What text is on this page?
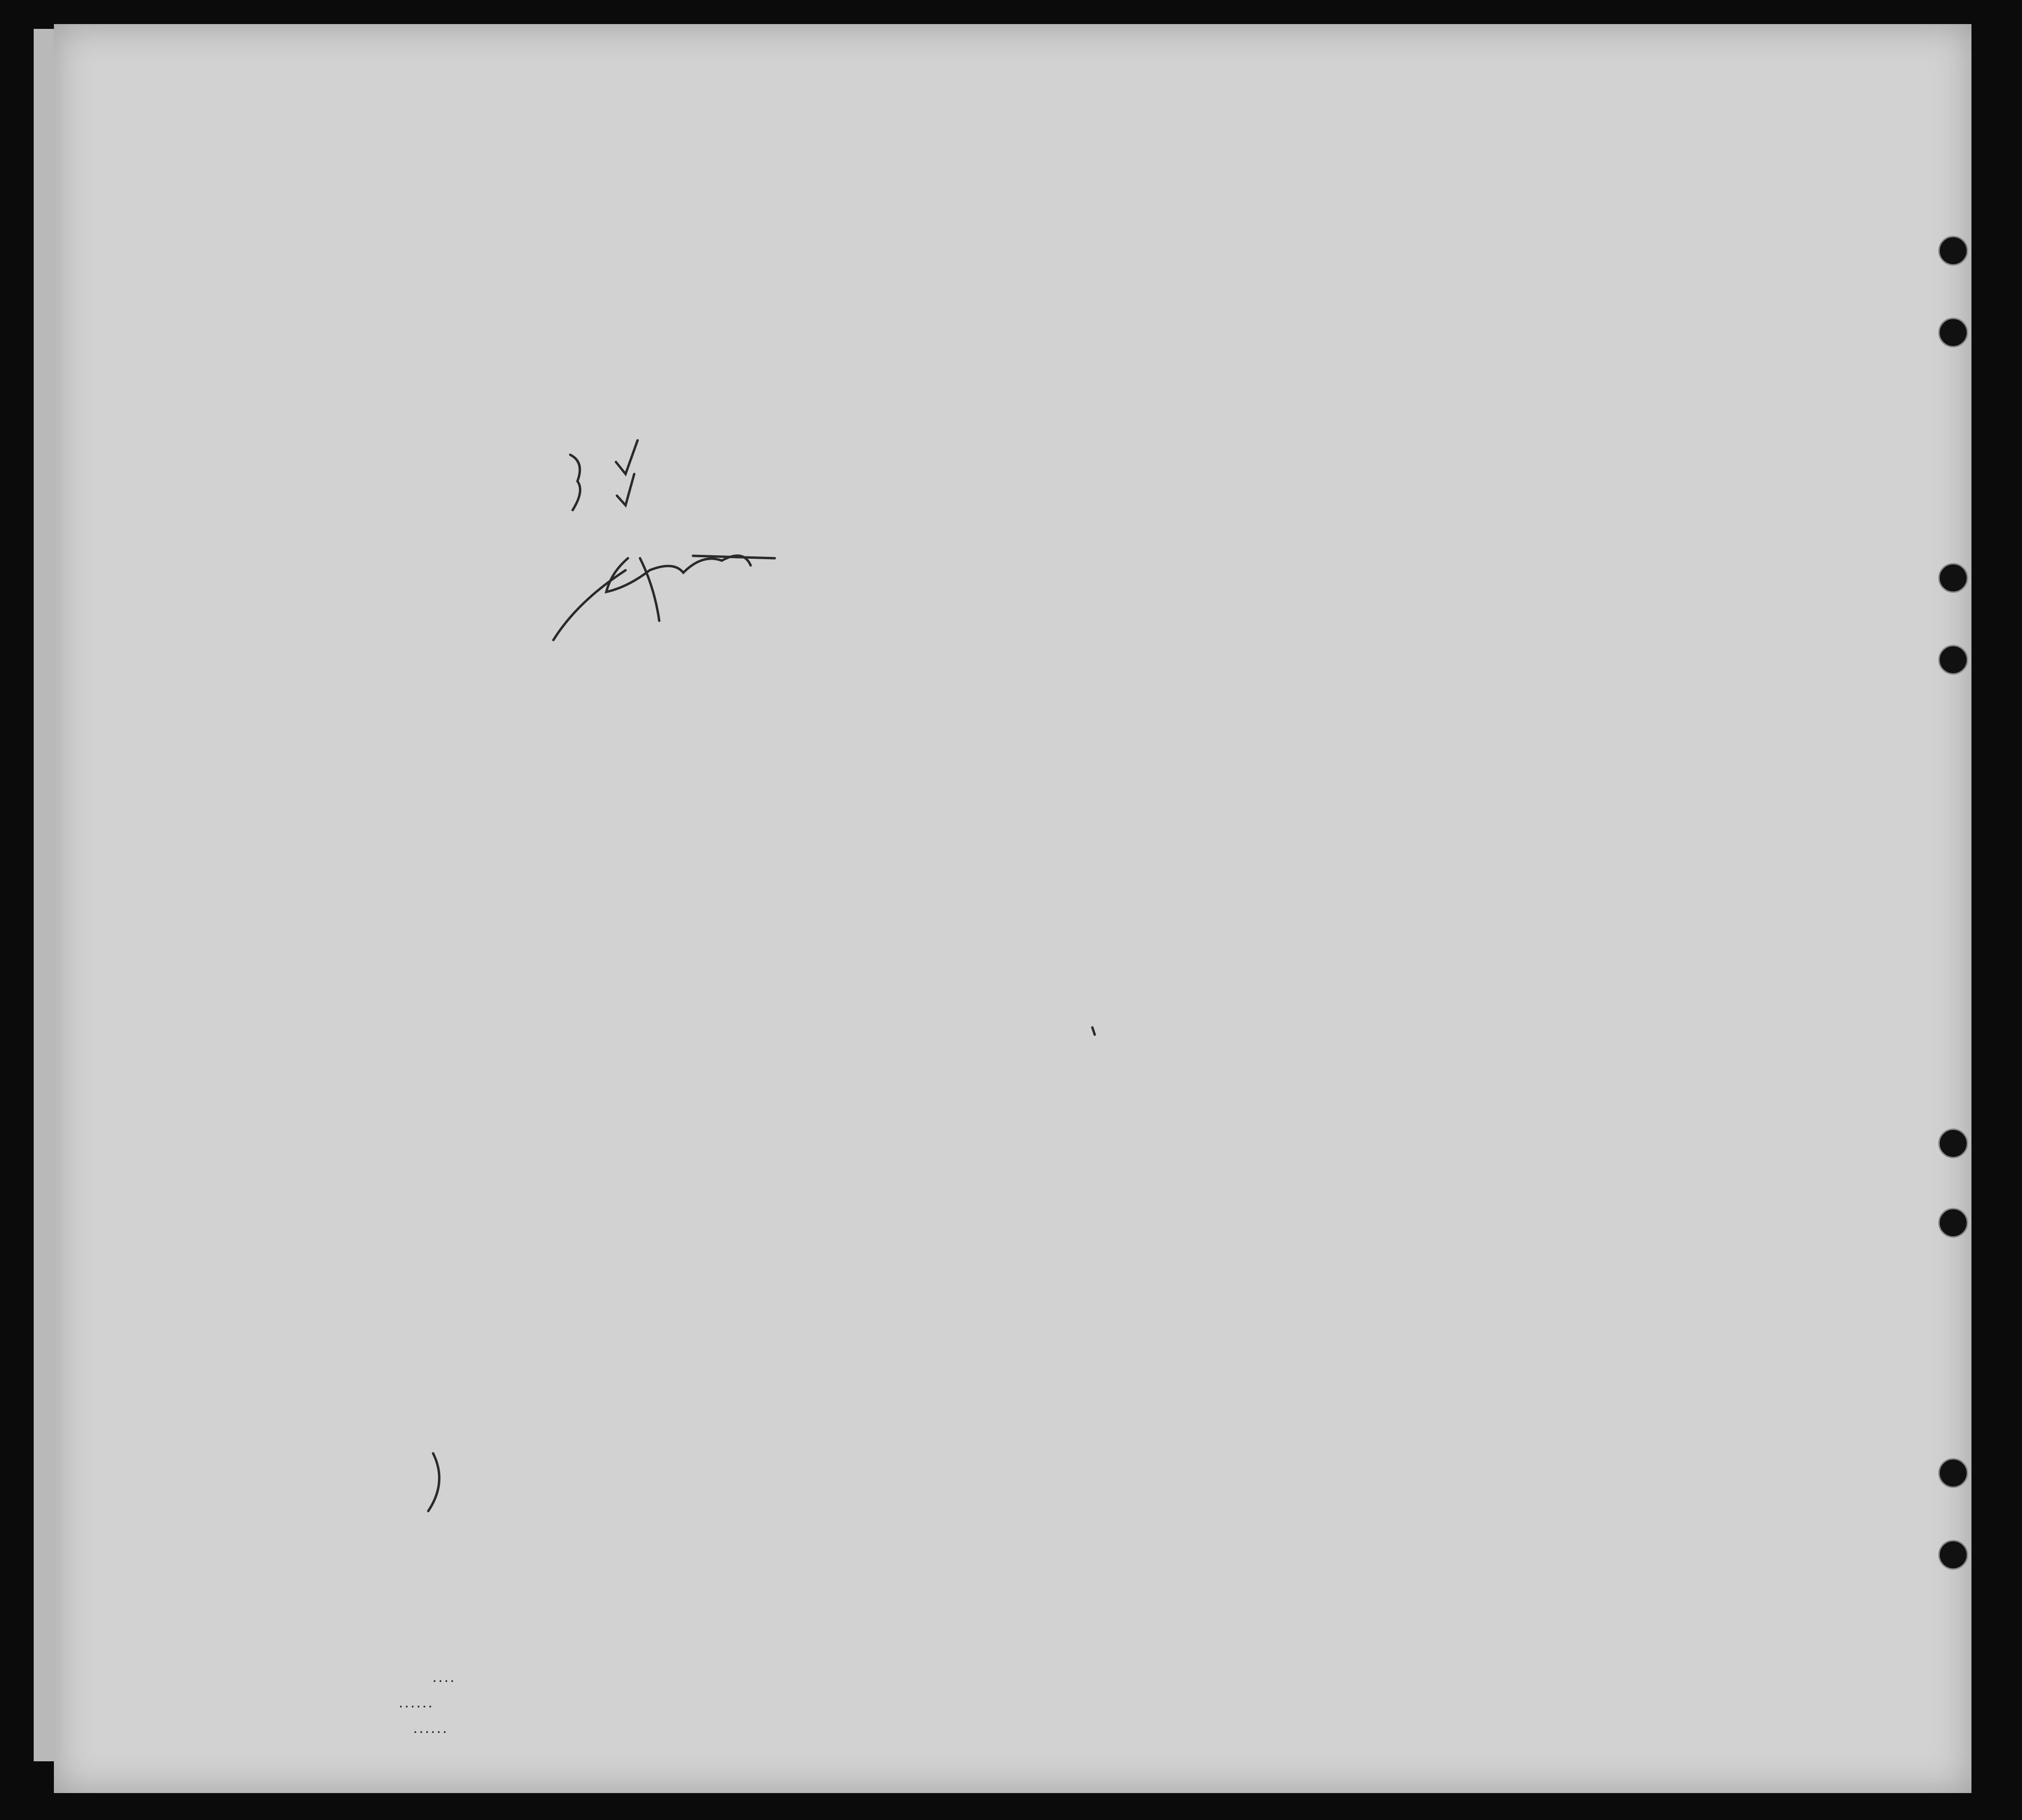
. . . .
. . . . . .
. . . . . .
